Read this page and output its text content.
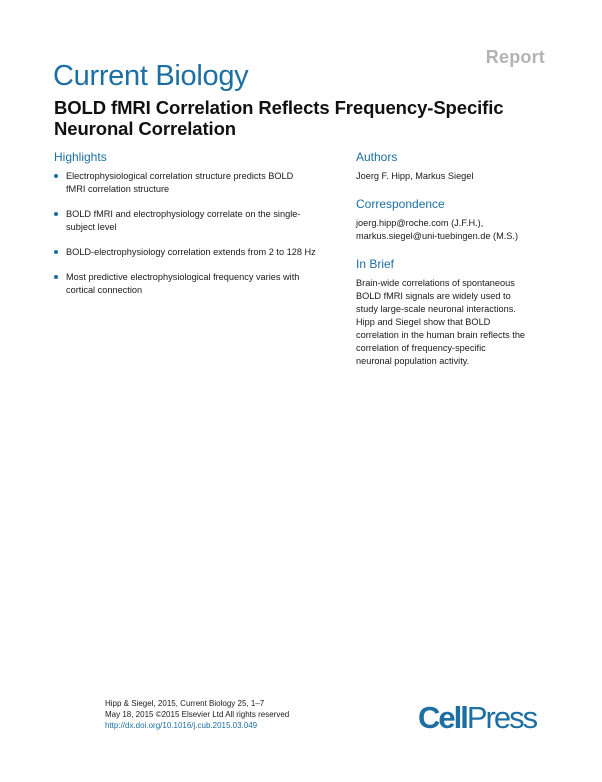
Report
Current Biology
BOLD fMRI Correlation Reflects Frequency-Specific
Neuronal Correlation
Highlights
Electrophysiological correlation structure predicts BOLD
fMRI correlation structure
BOLD fMRI and electrophysiology correlate on the single-
subject level
BOLD-electrophysiology correlation extends from 2 to 128 Hz
Most predictive electrophysiological frequency varies with
cortical connection
Authors
Joerg F. Hipp, Markus Siegel
Correspondence
joerg.hipp@roche.com (J.F.H.),
markus.siegel@uni-tuebingen.de (M.S.)
In Brief
Brain-wide correlations of spontaneous
BOLD fMRI signals are widely used to
study large-scale neuronal interactions.
Hipp and Siegel show that BOLD
correlation in the human brain reflects the
correlation of frequency-specific
neuronal population activity.
Hipp & Siegel, 2015, Current Biology 25, 1–7
May 18, 2015 ©2015 Elsevier Ltd All rights reserved
http://dx.doi.org/10.1016/j.cub.2015.03.049	CellPress
